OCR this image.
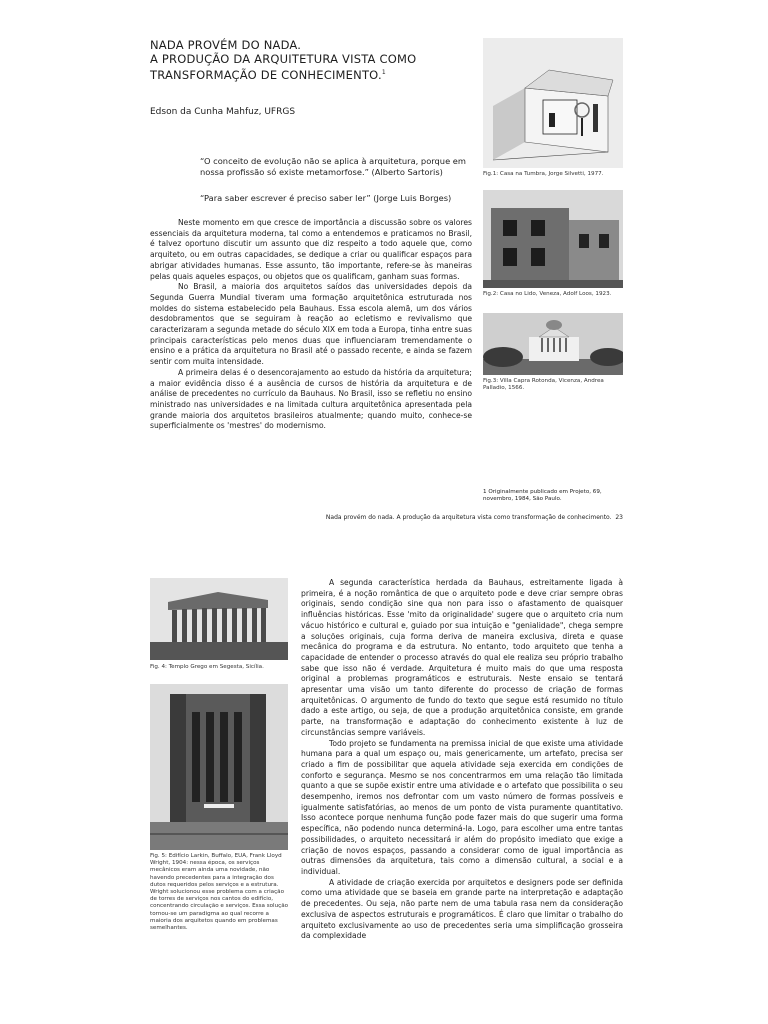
NADA PROVÉM DO NADA.
A PRODUÇÃO DA ARQUITETURA VISTA COMO
TRANSFORMAÇÃO DE CONHECIMENTO.$^1$
Edson da Cunha Mahfuz, UFRGS
“O conceito de evolução não se aplica à arquitetura, porque em nossa profissão só existe metamorfose.” (Alberto Sartoris)
“Para saber escrever é preciso saber ler” (Jorge Luis Borges)

Neste momento em que cresce de importância a discussão sobre os valores essenciais da arquitetura moderna, tal como a entendemos e praticamos no Brasil, é talvez oportuno discutir um assunto que diz respeito a todo aquele que, como arquiteto, ou em outras capacidades, se dedique a criar ou qualificar espaços para abrigar atividades humanas. Esse assunto, tão importante, refere-se às maneiras pelas quais aqueles espaços, ou objetos que os qualificam, ganham suas formas.

No Brasil, a maioria dos arquitetos saídos das universidades depois da Segunda Guerra Mundial tiveram uma formação arquitetônica estruturada nos moldes do sistema estabelecido pela Bauhaus. Essa escola alemã, um dos vários desdobramentos que se seguiram à reação ao ecletismo e revivalismo que caracterizaram a segunda metade do século XIX em toda a Europa, tinha entre suas principais características pelo menos duas que influenciaram tremendamente o ensino e a prática da arquitetura no Brasil até o passado recente, e ainda se fazem sentir com muita intensidade.

A primeira delas é o desencorajamento ao estudo da história da arquitetura; a maior evidência disso é a ausência de cursos de história da arquitetura e de análise de precedentes no currículo da Bauhaus. No Brasil, isso se refletiu no ensino ministrado nas universidades e na limitada cultura arquitetônica apresentada pela grande maioria dos arquitetos brasileiros atualmente; quando muito, conhece-se superficialmente os 'mestres' do modernismo.

Fig.1: Casa na Tumbra, Jorge Silvetti, 1977.
Fig.2: Casa no Lido, Veneza, Adolf Loos, 1923.
Fig.3: Villa Capra Rotonda, Vicenza, Andrea Palladio, 1566.
1 Originalmente publicado em Projeto, 69, novembro, 1984, São Paulo.
Nada provém do nada. A produção da arquitetura vista como transformação de conhecimento. 23
Fig. 4: Templo Grego em Segesta, Sicília.
Fig. 5: Edifício Larkin, Buffalo, EUA, Frank Lloyd Wright, 1904: nessa época, os serviços mecânicos eram ainda uma novidade, não havendo precedentes para a integração dos dutos requeridos pelos serviços e a estrutura. Wright solucionou esse problema com a criação de torres de serviços nos cantos do edifício, concentrando circulação e serviços. Essa solução tornou-se um paradigma ao qual recorre a maioria dos arquitetos quando em problemas semelhantes.

A segunda característica herdada da Bauhaus, estreitamente ligada à primeira, é a noção romântica de que o arquiteto pode e deve criar sempre obras originais, sendo condição sine qua non para isso o afastamento de quaisquer influências históricas. Esse 'mito da originalidade' sugere que o arquiteto cria num vácuo histórico e cultural e, guiado por sua intuição e "genialidade", chega sempre a soluções originais, cuja forma deriva de maneira exclusiva, direta e quase mecânica do programa e da estrutura. No entanto, todo arquiteto que tenha a capacidade de entender o processo através do qual ele realiza seu próprio trabalho sabe que isso não é verdade. Arquitetura é muito mais do que uma resposta original a problemas programáticos e estruturais. Neste ensaio se tentará apresentar uma visão um tanto diferente do processo de criação de formas arquitetônicas. O argumento de fundo do texto que segue está resumido no título dado a este artigo, ou seja, de que a produção arquitetônica consiste, em grande parte, na transformação e adaptação do conhecimento existente à luz de circunstâncias sempre variáveis.

Todo projeto se fundamenta na premissa inicial de que existe uma atividade humana para a qual um espaço ou, mais genericamente, um artefato, precisa ser criado a fim de possibilitar que aquela atividade seja exercida em condições de conforto e segurança. Mesmo se nos concentrarmos em uma relação tão limitada quanto a que se supõe existir entre uma atividade e o artefato que possibilita o seu desempenho, iremos nos defrontar com um vasto número de formas possíveis e igualmente satisfatórias, ao menos de um ponto de vista puramente quantitativo. Isso acontece porque nenhuma função pode fazer mais do que sugerir uma forma específica, não podendo nunca determiná-la. Logo, para escolher uma entre tantas possibilidades, o arquiteto necessitará ir além do propósito imediato que exige a criação de novos espaços, passando a considerar como de igual importância as outras dimensões da arquitetura, tais como a dimensão cultural, a social e a individual.

A atividade de criação exercida por arquitetos e designers pode ser definida como uma atividade que se baseia em grande parte na interpretação e adaptação de precedentes. Ou seja, não parte nem de uma tabula rasa nem da consideração exclusiva de aspectos estruturais e programáticos. É claro que limitar o trabalho do arquiteto exclusivamente ao uso de precedentes seria uma simplificação grosseira da complexidade
